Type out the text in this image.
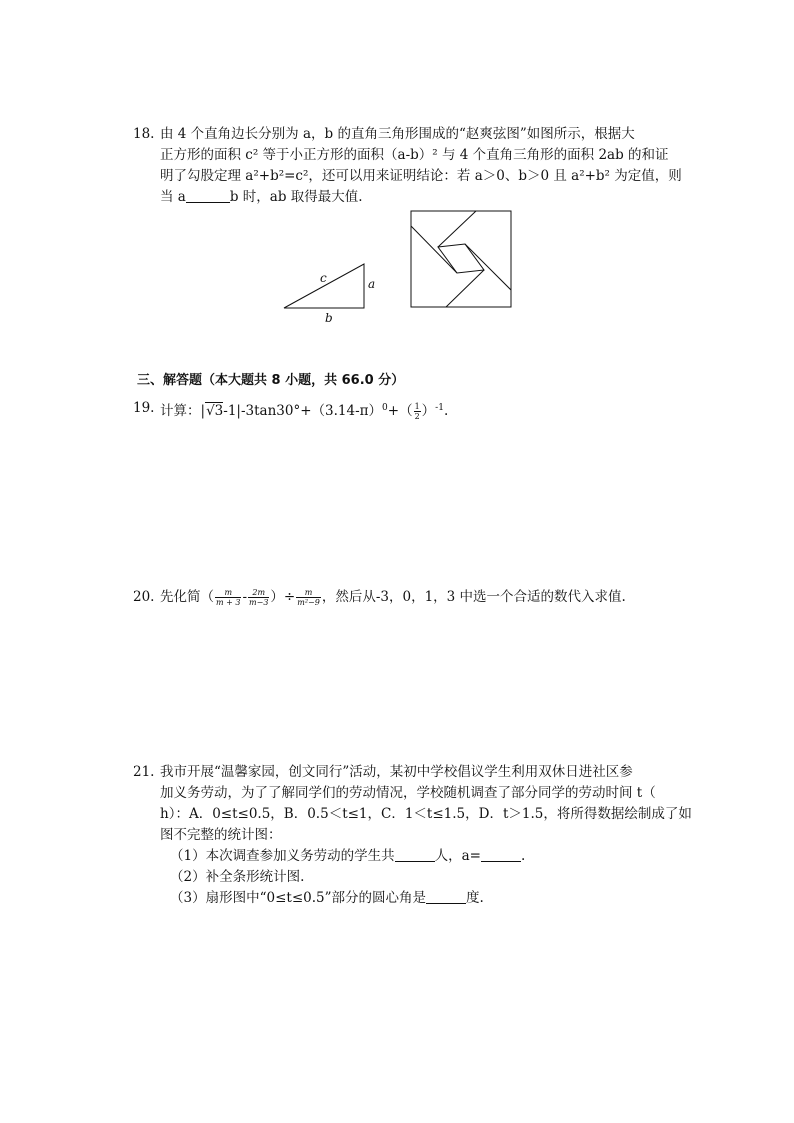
18. 由 4 个直角边长分别为 a，b 的直角三角形围成的“赵爽弦图”如图所示，根据大
正方形的面积 c² 等于小正方形的面积（a-b）² 与 4 个直角三角形的面积 2ab 的和证
明了勾股定理 a²+b²=c²，还可以用来证明结论：若 a＞0、b＞0 且 a²+b² 为定值，则
当 a	b 时，ab 取得最大值.
c	a
b
三、解答题（本大题共 8 小题，共 66.0 分）
19. 计算：$|√3-1|-3\tan 30^\circ+(3.14-\pi)^0+( \frac{1}{2} )^{-1}$.
20. 先化简（ $\frac{m}{m + 3} - \frac{2m}{m-3}$ ）÷ $\frac{m}{\text{m²−9}}$ ，然后从-3，0，1，3 中选一个合适的数代入求值.
21. 我市开展“温馨家园，创文同行”活动，某初中学校倡议学生利用双休日进社区参
加义务劳动，为了了解同学们的劳动情况，学校随机调查了部分同学的劳动时间 t（
h）：A．0≤t≤0.5，B．0.5＜t≤1，C．1＜t≤1.5，D．t＞1.5，将所得数据绘制成了如
图不完整的统计图：
（1）本次调查参加义务劳动的学生共	人，a=	.
（2）补全条形统计图.
（3）扇形图中“0≤t≤0.5”部分的圆心角是	度.
